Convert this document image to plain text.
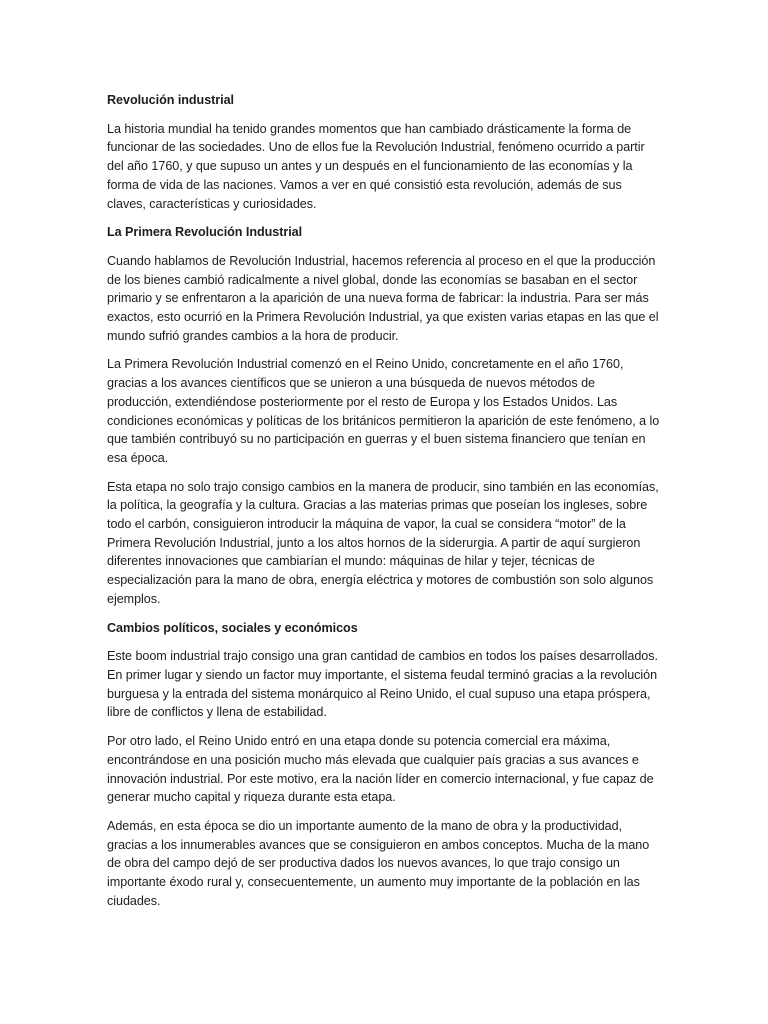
Revolución industrial
La historia mundial ha tenido grandes momentos que han cambiado drásticamente la forma de funcionar de las sociedades. Uno de ellos fue la Revolución Industrial, fenómeno ocurrido a partir del año 1760, y que supuso un antes y un después en el funcionamiento de las economías y la forma de vida de las naciones. Vamos a ver en qué consistió esta revolución, además de sus claves, características y curiosidades.
La Primera Revolución Industrial
Cuando hablamos de Revolución Industrial, hacemos referencia al proceso en el que la producción de los bienes cambió radicalmente a nivel global, donde las economías se basaban en el sector primario y se enfrentaron a la aparición de una nueva forma de fabricar: la industria. Para ser más exactos, esto ocurrió en la Primera Revolución Industrial, ya que existen varias etapas en las que el mundo sufrió grandes cambios a la hora de producir.
La Primera Revolución Industrial comenzó en el Reino Unido, concretamente en el año 1760, gracias a los avances científicos que se unieron a una búsqueda de nuevos métodos de producción, extendiéndose posteriormente por el resto de Europa y los Estados Unidos. Las condiciones económicas y políticas de los británicos permitieron la aparición de este fenómeno, a lo que también contribuyó su no participación en guerras y el buen sistema financiero que tenían en esa época.
Esta etapa no solo trajo consigo cambios en la manera de producir, sino también en las economías, la política, la geografía y la cultura. Gracias a las materias primas que poseían los ingleses, sobre todo el carbón, consiguieron introducir la máquina de vapor, la cual se considera “motor” de la Primera Revolución Industrial, junto a los altos hornos de la siderurgia. A partir de aquí surgieron diferentes innovaciones que cambiarían el mundo: máquinas de hilar y tejer, técnicas de especialización para la mano de obra, energía eléctrica y motores de combustión son solo algunos ejemplos.
Cambios políticos, sociales y económicos
Este boom industrial trajo consigo una gran cantidad de cambios en todos los países desarrollados. En primer lugar y siendo un factor muy importante, el sistema feudal terminó gracias a la revolución burguesa y la entrada del sistema monárquico al Reino Unido, el cual supuso una etapa próspera, libre de conflictos y llena de estabilidad.
Por otro lado, el Reino Unido entró en una etapa donde su potencia comercial era máxima, encontrándose en una posición mucho más elevada que cualquier país gracias a sus avances e innovación industrial. Por este motivo, era la nación líder en comercio internacional, y fue capaz de generar mucho capital y riqueza durante esta etapa.
Además, en esta época se dio un importante aumento de la mano de obra y la productividad, gracias a los innumerables avances que se consiguieron en ambos conceptos. Mucha de la mano de obra del campo dejó de ser productiva dados los nuevos avances, lo que trajo consigo un importante éxodo rural y, consecuentemente, un aumento muy importante de la población en las ciudades.
